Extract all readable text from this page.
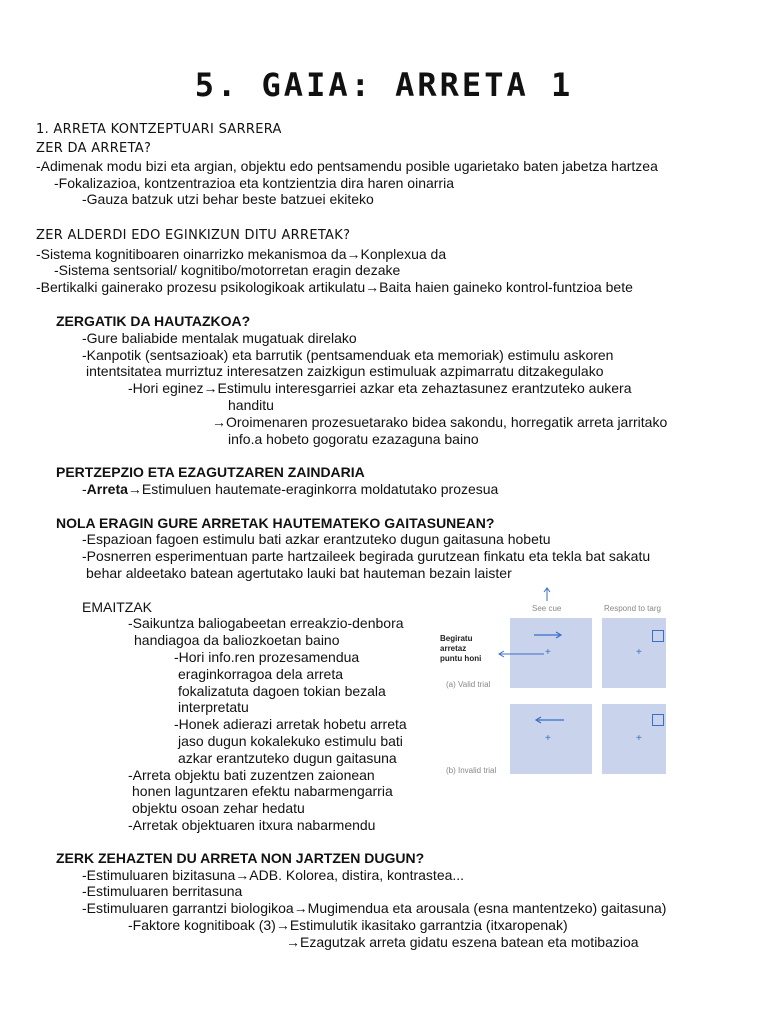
5. GAIA: ARRETA 1
1. ARRETA KONTZEPTUARI SARRERA
ZER DA ARRETA?
-Adimenak modu bizi eta argian, objektu edo pentsamendu posible ugarietako baten jabetza hartzea
-Fokalizazioa, kontzentrazioa eta kontzientzia dira haren oinarria
-Gauza batzuk utzi behar beste batzuei ekiteko
ZER ALDERDI EDO EGINKIZUN DITU ARRETAK?
-Sistema kognitiboaren oinarrizko mekanismoa da→Konplexua da
-Sistema sentsorial/ kognitibo/motorretan eragin dezake
-Bertikalki gainerako prozesu psikologikoak artikulatu→Baita haien gaineko kontrol-funtzioa bete
ZERGATIK DA HAUTAZKOA?
-Gure baliabide mentalak mugatuak direlako
-Kanpotik (sentsazioak) eta barrutik (pentsamenduak eta memoriak) estimulu askoren
intentsitatea murriztuz interesatzen zaizkigun estimuluak azpimarratu ditzakegulako
-Hori eginez→Estimulu interesgarriei azkar eta zehaztasunez erantzuteko aukera
handitu
→Oroimenaren prozesuetarako bidea sakondu, horregatik arreta jarritako
info.a hobeto gogoratu ezazaguna baino
PERTZEPZIO ETA EZAGUTZAREN ZAINDARIA
-Arreta→Estimuluen hautemate-eraginkorra moldatutako prozesua
NOLA ERAGIN GURE ARRETAK HAUTEMATEKO GAITASUNEAN?
-Espazioan fagoen estimulu bati azkar erantzuteko dugun gaitasuna hobetu
-Posnerren esperimentuan parte hartzaileek begirada gurutzean finkatu eta tekla bat sakatu
behar aldeetako batean agertutako lauki bat hauteman bezain laister
EMAITZAK
-Saikuntza baliogabeetan erreakzio-denbora
handiagoa da baliozkoetan baino
-Hori info.ren prozesamendua
eraginkorragoa dela arreta
fokalizatuta dagoen tokian bezala
interpretatu
-Honek adierazi arretak hobetu arreta
jaso dugun kokalekuko estimulu bati
azkar erantzuteko dugun gaitasuna
-Arreta objektu bati zuzentzen zaionean
honen laguntzaren efektu nabarmengarria
objektu osoan zehar hedatu
-Arretak objektuaren itxura nabarmendu
See cue	Respond to targ
+	+
Begiratu
arretaz
puntu honi
(a) Valid trial
+	+
(b) Invalid trial
ZERK ZEHAZTEN DU ARRETA NON JARTZEN DUGUN?
-Estimuluaren bizitasuna→ADB. Kolorea, distira, kontrastea...
-Estimuluaren berritasuna
-Estimuluaren garrantzi biologikoa→Mugimendua eta arousala (esna mantentzeko) gaitasuna)
-Faktore kognitiboak (3)→Estimulutik ikasitako garrantzia (itxaropenak)
→Ezagutzak arreta gidatu eszena batean eta motibazioa
